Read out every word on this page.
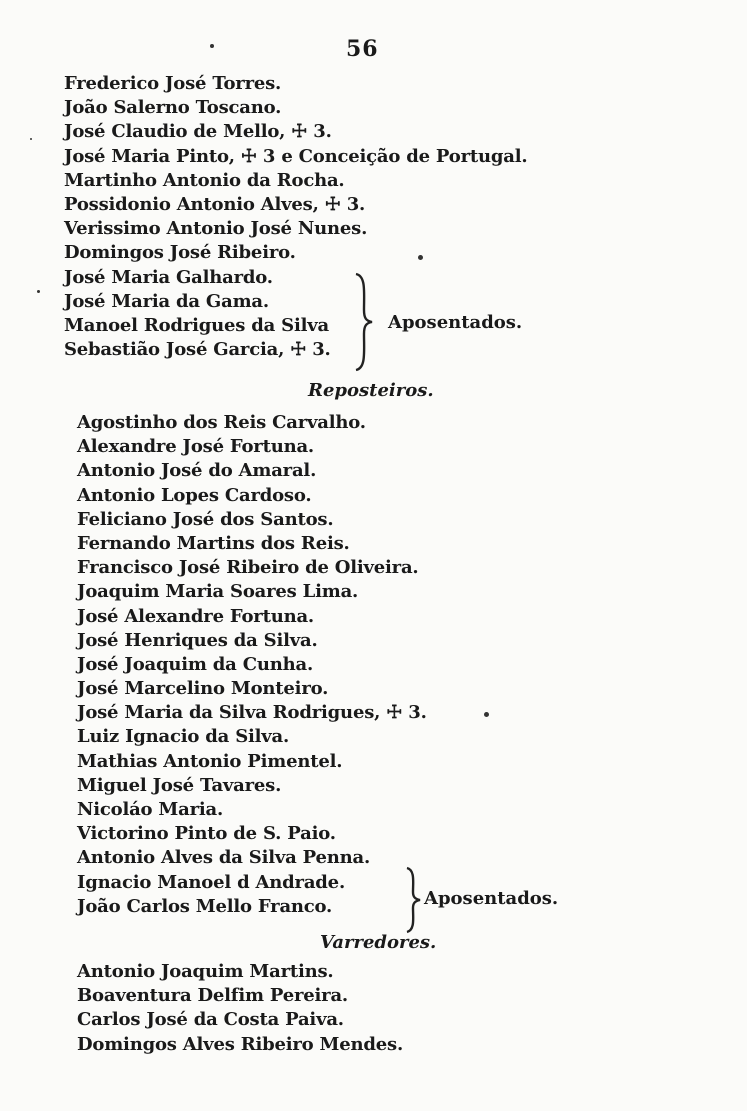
56
Frederico José Torres.
João Salerno Toscano.
José Claudio de Mello, ☩ 3.
José Maria Pinto, ☩ 3 e Conceição de Portugal.
Martinho Antonio da Rocha.
Possidonio Antonio Alves, ☩ 3.
Verissimo Antonio José Nunes.
Domingos José Ribeiro.
José Maria Galhardo.
José Maria da Gama.
Manoel Rodrigues da Silva
Sebastião José Garcia, ☩ 3.
Aposentados.
Reposteiros.
Agostinho dos Reis Carvalho.
Alexandre José Fortuna.
Antonio José do Amaral.
Antonio Lopes Cardoso.
Feliciano José dos Santos.
Fernando Martins dos Reis.
Francisco José Ribeiro de Oliveira.
Joaquim Maria Soares Lima.
José Alexandre Fortuna.
José Henriques da Silva.
José Joaquim da Cunha.
José Marcelino Monteiro.
José Maria da Silva Rodrigues, ☩ 3.
Luiz Ignacio da Silva.
Mathias Antonio Pimentel.
Miguel José Tavares.
Nicoláo Maria.
Victorino Pinto de S. Paio.
Antonio Alves da Silva Penna.
Ignacio Manoel d Andrade.
João Carlos Mello Franco.	Aposentados.
Varredores.
Antonio Joaquim Martins.
Boaventura Delfim Pereira.
Carlos José da Costa Paiva.
Domingos Alves Ribeiro Mendes.
